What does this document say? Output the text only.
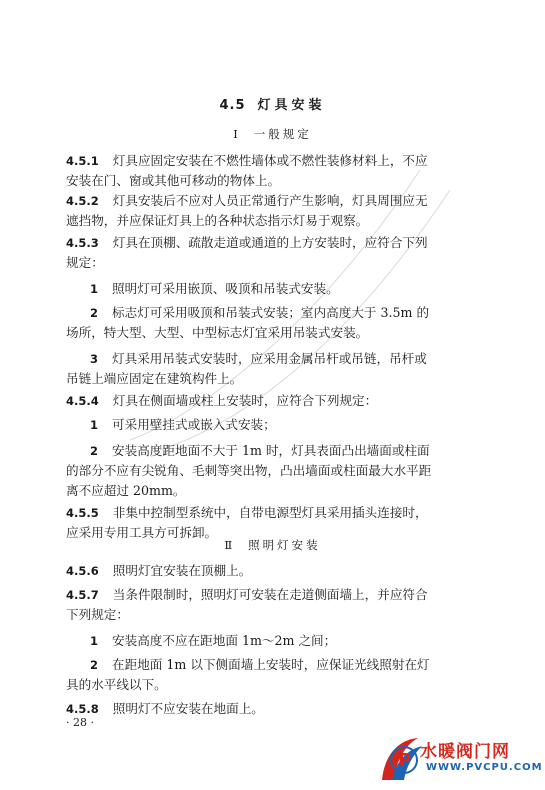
4.5 灯具安装
Ⅰ 一般规定
4.5.1 灯具应固定安装在不燃性墙体或不燃性装修材料上，不应
安装在门、窗或其他可移动的物体上。
4.5.2 灯具安装后不应对人员正常通行产生影响，灯具周围应无
遮挡物，并应保证灯具上的各种状态指示灯易于观察。
4.5.3 灯具在顶棚、疏散走道或通道的上方安装时，应符合下列
规定：
1 照明灯可采用嵌顶、吸顶和吊装式安装。
2 标志灯可采用吸顶和吊装式安装；室内高度大于 3.5m 的
场所，特大型、大型、中型标志灯宜采用吊装式安装。
3 灯具采用吊装式安装时，应采用金属吊杆或吊链，吊杆或
吊链上端应固定在建筑构件上。
4.5.4 灯具在侧面墙或柱上安装时，应符合下列规定：
1 可采用壁挂式或嵌入式安装；
2 安装高度距地面不大于 1m 时，灯具表面凸出墙面或柱面
的部分不应有尖锐角、毛刺等突出物，凸出墙面或柱面最大水平距
离不应超过 20mm。
4.5.5 非集中控制型系统中，自带电源型灯具采用插头连接时，
应采用专用工具方可拆卸。
4.5.6 照明灯宜安装在顶棚上。
4.5.7 当条件限制时，照明灯可安装在走道侧面墙上，并应符合
下列规定：
1 安装高度不应在距地面 1m～2m 之间；
2 在距地面 1m 以下侧面墙上安装时，应保证光线照射在灯
具的水平线以下。
4.5.8 照明灯不应安装在地面上。
Ⅱ 照明灯安装
· 28 ·
P 水暖阀门网
WWW.PVCPU.COM
